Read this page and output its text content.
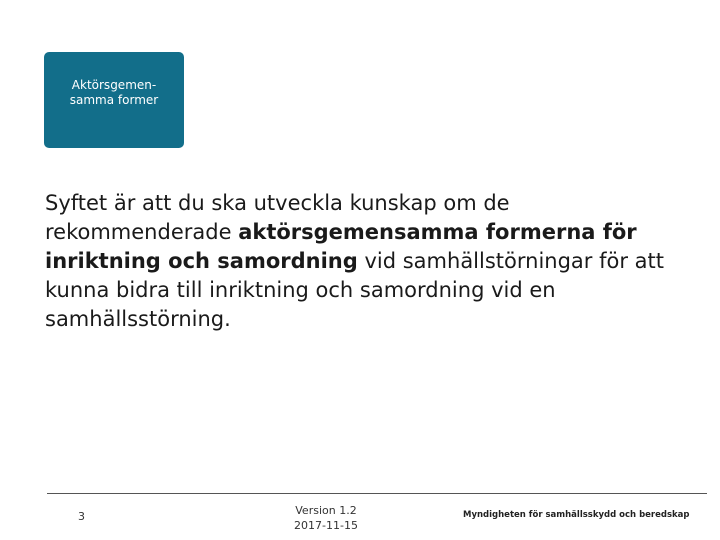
Aktörsgemen-
samma former
Syftet är att du ska utveckla kunskap om de rekommenderade aktörsgemensamma formerna för inriktning och samordning vid samhällstörningar för att kunna bidra till inriktning och samordning vid en samhällsstörning.
3	Version 1.2
2017-11-15
Myndigheten för samhällsskydd och beredskap
